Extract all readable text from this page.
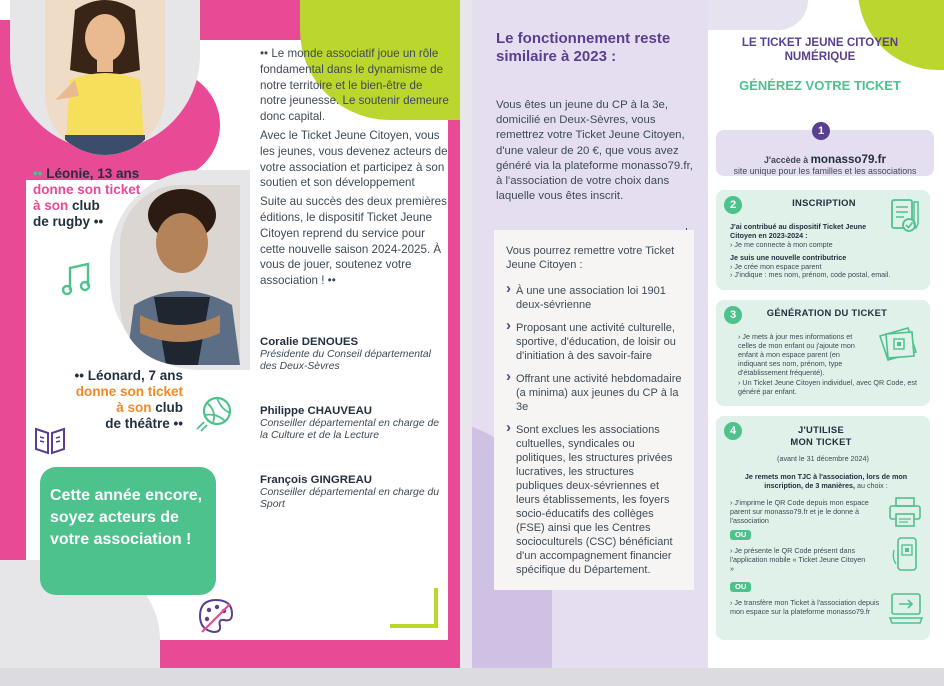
•• Léonie, 13 ans
donne son ticket
à son club
de rugby ••
•• Léonard, 7 ans
donne son ticket
à son club
de théâtre ••

•• Le monde associatif joue un rôle fondamental dans le dynamisme de notre territoire et le bien-être de notre jeunesse. Le soutenir demeure donc capital.

Avec le Ticket Jeune Citoyen, vous les jeunes, vous devenez acteurs de votre association et participez à son soutien et son développement

Suite au succès des deux premières éditions, le dispositif Ticket Jeune Citoyen reprend du service pour cette nouvelle saison 2024-2025. À vous de jouer, soutenez votre association ! ••

Coralie DENOUES
Présidente du Conseil départemental des Deux-Sèvres
Philippe CHAUVEAU
Conseiller départemental en charge de la Culture et de la Lecture
François GINGREAU
Conseiller départemental en charge du Sport
Cette année encore, soyez acteurs de votre association !
Le fonctionnement reste similaire à 2023 :
Vous êtes un jeune du CP à la 3e, domicilié en Deux-Sèvres, vous remettrez votre Ticket Jeune Citoyen, d'une valeur de 20 €, que vous avez généré via la plateforme monasso79.fr, à l'association de votre choix dans laquelle vous êtes inscrit.
Vous pourrez remettre votre Ticket Jeune Citoyen :
› À une une association loi 1901 deux-sévrienne
› Proposant une activité culturelle, sportive, d'éducation, de loisir ou d'initiation à des savoir-faire
› Offrant une activité hebdomadaire (a minima) aux jeunes du CP à la 3e
› Sont exclues les associations cultuelles, syndicales ou politiques, les structures privées lucratives, les structures publiques deux-sévriennes et leurs établissements, les foyers socio-éducatifs des collèges (FSE) ainsi que les Centres socioculturels (CSC) bénéficiant d'un accompagnement financier spécifique du Département.
LE TICKET JEUNE CITOYEN NUMÉRIQUE
GÉNÉREZ VOTRE TICKET
J'accède à monasso79.fr
site unique pour les familles et les associations
1
2	INSCRIPTION
J'ai contribué au dispositif Ticket Jeune Citoyen en 2023-2024 :
› Je me connecte à mon compte
Je suis une nouvelle contributrice
› Je crée mon espace parent
› J'indique : mes nom, prénom, code postal, email.
3	GÉNÉRATION DU TICKET
› Je mets à jour mes informations et celles de mon enfant ou j'ajoute mon enfant à mon espace parent (en indiquant ses nom, prénom, type d'établissement fréquenté).
› Un Ticket Jeune Citoyen individuel, avec QR Code, est généré par enfant.
4	J'UTILISE
MON TICKET
(avant le 31 décembre 2024)
Je remets mon TJC à l'association, lors de mon inscription, de 3 manières, au choix :
› J'imprime le QR Code depuis mon espace parent sur monasso79.fr et je le donne à l'association
OU
› Je présente le QR Code présent dans l'application mobile « Ticket Jeune Citoyen »
OU
› Je transfère mon Ticket à l'association depuis mon espace sur la plateforme monasso79.fr
